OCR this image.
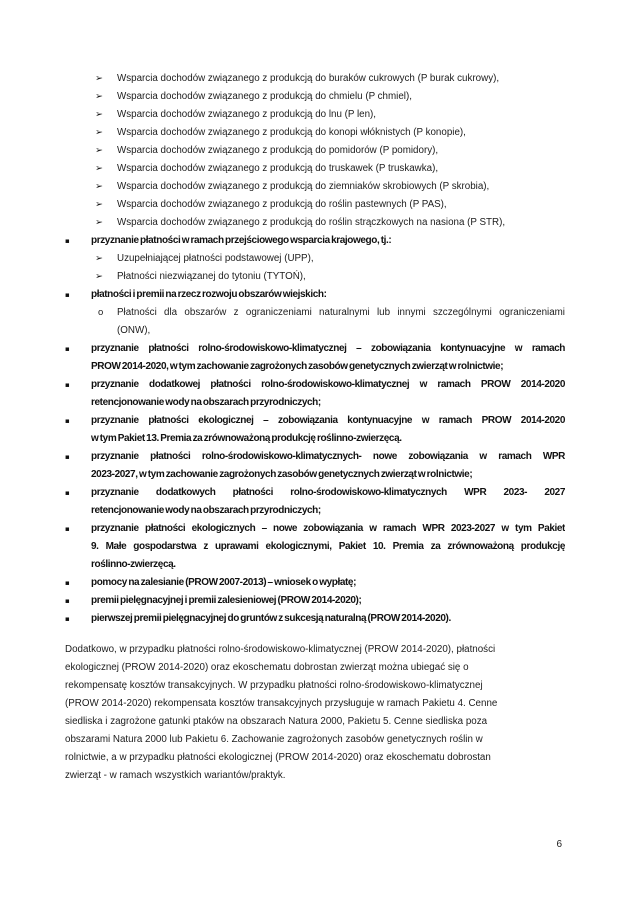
➢	Wsparcia dochodów związanego z produkcją do buraków cukrowych (P burak cukrowy),
➢	Wsparcia dochodów związanego z produkcją do chmielu (P chmiel),
➢	Wsparcia dochodów związanego z produkcją do lnu (P len),
➢	Wsparcia dochodów związanego z produkcją do konopi włóknistych (P konopie),
➢	Wsparcia dochodów związanego z produkcją do pomidorów (P pomidory),
➢	Wsparcia dochodów związanego z produkcją do truskawek (P truskawka),
➢	Wsparcia dochodów związanego z produkcją do ziemniaków skrobiowych (P skrobia),
➢	Wsparcia dochodów związanego z produkcją do roślin pastewnych (P PAS),
➢	Wsparcia dochodów związanego z produkcją do roślin strączkowych na nasiona (P STR),
▪	przyznanie płatności w ramach przejściowego wsparcia krajowego, tj.:
➢	Uzupełniającej płatności podstawowej (UPP),
➢	Płatności niezwiązanej do tytoniu (TYTOŃ),
▪	płatności i premii na rzecz rozwoju obszarów wiejskich:
o	Płatności dla obszarów z ograniczeniami naturalnymi lub innymi szczególnymi ograniczeniami
(ONW),
▪	przyznanie płatności rolno-środowiskowo-klimatycznej – zobowiązania kontynuacyjne w ramach
PROW 2014-2020, w tym zachowanie zagrożonych zasobów genetycznych zwierząt w rolnictwie;
▪	przyznanie dodatkowej płatności rolno-środowiskowo-klimatycznej w ramach PROW 2014-2020
retencjonowanie wody na obszarach przyrodniczych;
▪	przyznanie płatności ekologicznej – zobowiązania kontynuacyjne w ramach PROW 2014-2020
w tym Pakiet 13. Premia za zrównoważoną produkcję roślinno-zwierzęcą.
▪	przyznanie płatności rolno-środowiskowo-klimatycznych- nowe zobowiązania w ramach WPR
2023-2027, w tym zachowanie zagrożonych zasobów genetycznych zwierząt w rolnictwie;
▪	przyznanie dodatkowych płatności rolno-środowiskowo-klimatycznych WPR 2023- 2027
retencjonowanie wody na obszarach przyrodniczych;
▪	przyznanie płatności ekologicznych – nowe zobowiązania w ramach WPR 2023-2027 w tym Pakiet
9. Małe gospodarstwa z uprawami ekologicznymi, Pakiet 10. Premia za zrównoważoną produkcję
roślinno-zwierzęcą.
▪	pomocy na zalesianie (PROW 2007-2013) – wniosek o wypłatę;
▪	premii pielęgnacyjnej i premii zalesieniowej (PROW 2014-2020);
▪	pierwszej premii pielęgnacyjnej do gruntów z sukcesją naturalną (PROW 2014-2020).
Dodatkowo, w przypadku płatności rolno-środowiskowo-klimatycznej (PROW 2014-2020), płatności
ekologicznej (PROW 2014-2020) oraz ekoschematu dobrostan zwierząt można ubiegać się o
rekompensatę kosztów transakcyjnych. W przypadku płatności rolno-środowiskowo-klimatycznej
(PROW 2014-2020) rekompensata kosztów transakcyjnych przysługuje w ramach Pakietu 4. Cenne
siedliska i zagrożone gatunki ptaków na obszarach Natura 2000, Pakietu 5. Cenne siedliska poza
obszarami Natura 2000 lub Pakietu 6. Zachowanie zagrożonych zasobów genetycznych roślin w
rolnictwie, a w przypadku płatności ekologicznej (PROW 2014-2020) oraz ekoschematu dobrostan
zwierząt - w ramach wszystkich wariantów/praktyk.
6
